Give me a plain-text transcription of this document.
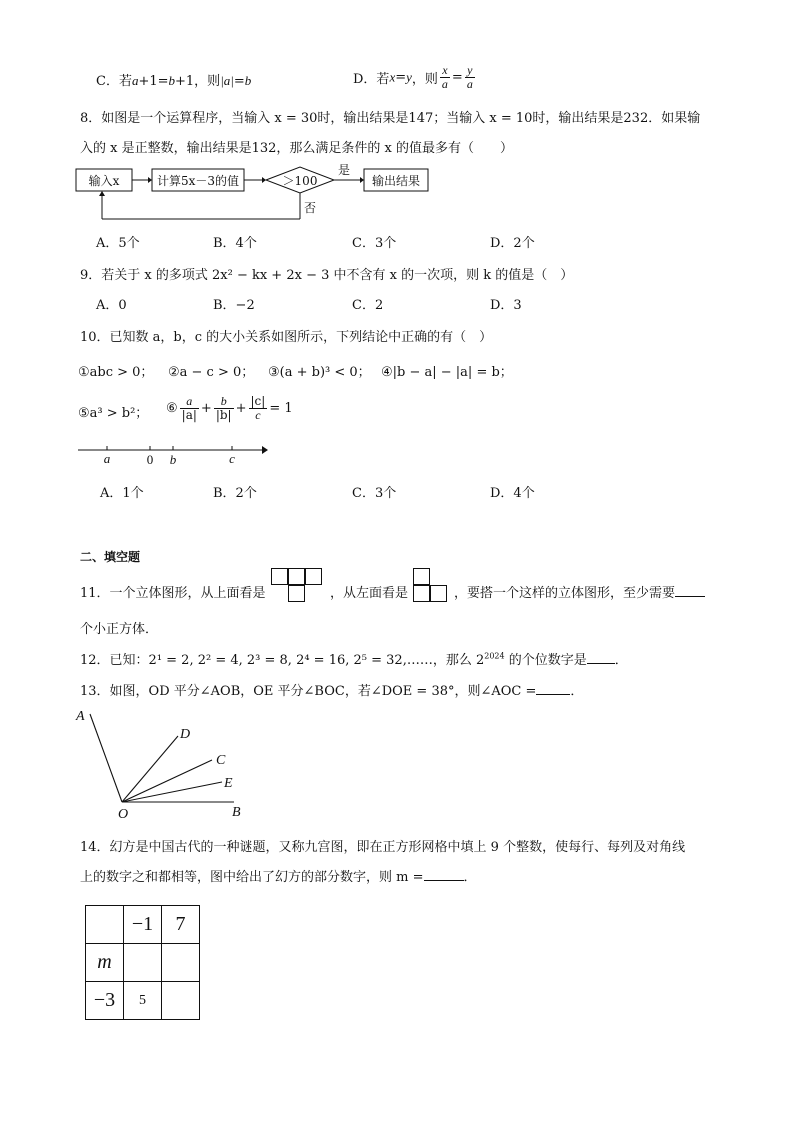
C．若a+1=b+1，则|a|=b	D．若x=y，则 $\frac{x}{a} = \frac{y}{a}$
8．如图是一个运算程序，当输入 x = 30时，输出结果是147；当输入 x = 10时，输出结果是232．如果输
入的 x 是正整数，输出结果是132，那么满足条件的 x 的值最多有（　　）
输入x	计算5x－3的值	＞100
是
输出结果
否
A．5个	B．4个	C．3个	D．2个
9．若关于 x 的多项式 2x² − kx + 2x − 3 中不含有 x 的一次项，则 k 的值是（　）
A．0	B．−2	C．2	D．3
10．已知数 a，b，c 的大小关系如图所示，下列结论中正确的有（　）
①abc > 0； ②a − c > 0； ③(a + b)³ < 0； ④|b − a| − |a| = b；
⑤a³ > b²； ⑥ $\frac{a}{|a|} + \frac{b}{|b|} + \frac{|c|}{c} = 1$
a	0 b	c
A．1个	B．2个	C．3个	D．4个
二、填空题
11．一个立体图形，从上面看是	，从左面看是	，要搭一个这样的立体图形，至少需要
个小正方体．
12．已知：2¹ = 2, 2² = 4, 2³ = 8, 2⁴ = 16, 2⁵ = 32,……，那么 $2^{2024}$ 的个位数字是 ．
13．如图，OD 平分∠AOB，OE 平分∠BOC，若∠DOE = 38°，则∠AOC =	．
A
D
C
E
O	B
14．幻方是中国古代的一种谜题，又称九宫图，即在正方形网格中填上 9 个整数，使每行、每列及对角线
上的数字之和都相等，图中给出了幻方的部分数字，则 m =	．
	−1	7
m		
−3	5	
